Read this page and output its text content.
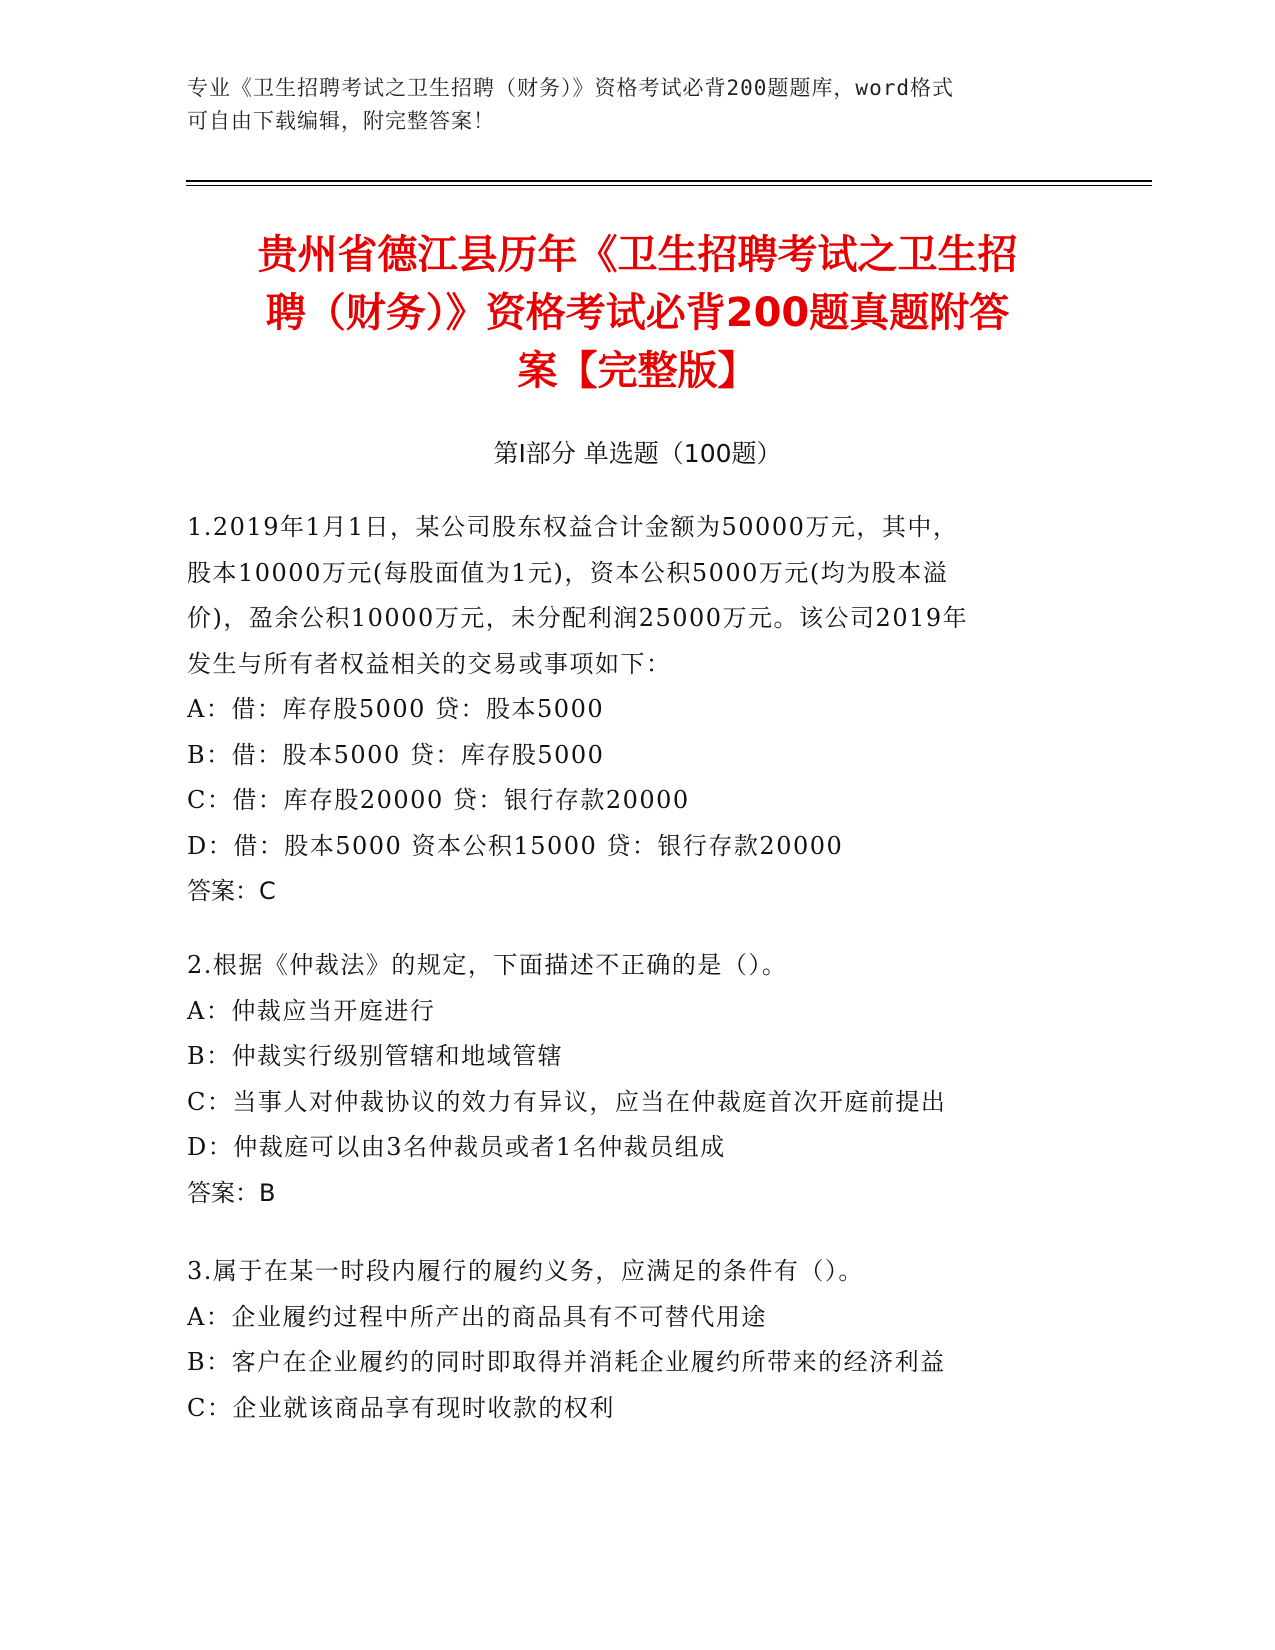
专业《卫生招聘考试之卫生招聘（财务）》资格考试必背200题题库，word格式
可自由下载编辑，附完整答案！
贵州省德江县历年《卫生招聘考试之卫生招
聘（财务）》资格考试必背200题真题附答
案【完整版】
第Ⅰ部分 单选题（100题）

1.2019年1月1日，某公司股东权益合计金额为50000万元，其中，

股本10000万元(每股面值为1元)，资本公积5000万元(均为股本溢

价)，盈余公积10000万元，未分配利润25000万元。该公司2019年

发生与所有者权益相关的交易或事项如下：

A：借：库存股5000 贷：股本5000

B：借：股本5000 贷：库存股5000

C：借：库存股20000 贷：银行存款20000

D：借：股本5000 资本公积15000 贷：银行存款20000

答案：C

2.根据《仲裁法》的规定，下面描述不正确的是（）。

A：仲裁应当开庭进行

B：仲裁实行级别管辖和地域管辖

C：当事人对仲裁协议的效力有异议，应当在仲裁庭首次开庭前提出

D：仲裁庭可以由3名仲裁员或者1名仲裁员组成

答案：B

3.属于在某一时段内履行的履约义务，应满足的条件有（）。

A：企业履约过程中所产出的商品具有不可替代用途

B：客户在企业履约的同时即取得并消耗企业履约所带来的经济利益

C：企业就该商品享有现时收款的权利
